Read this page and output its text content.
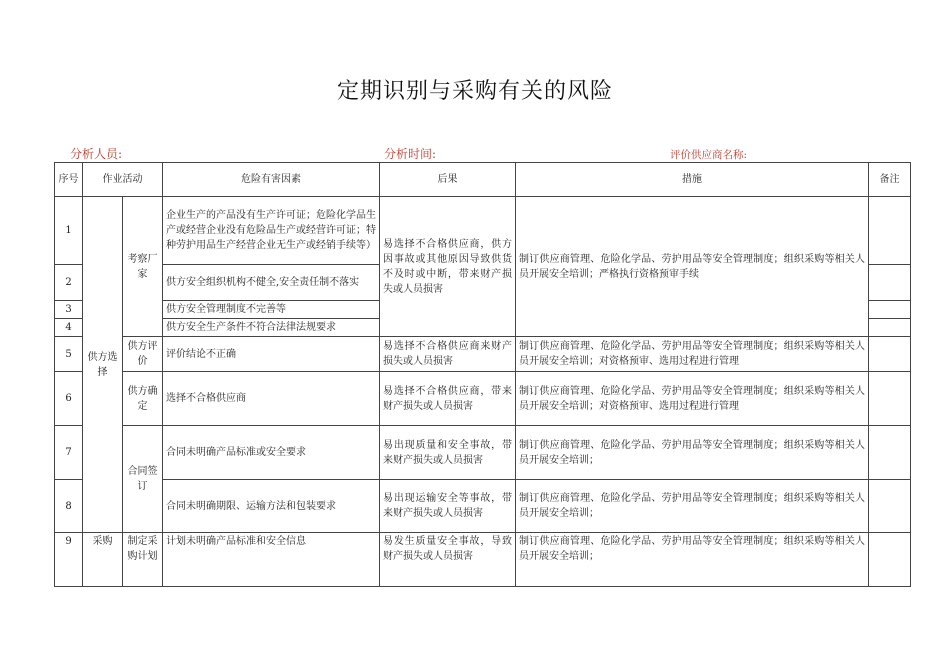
定期识别与采购有关的风险
分析人员:	分析时间:	评价供应商名称:
序号	作业活动		危险有害因素	后果	措施	备注
1	供方选择	考察厂家	企业生产的产品没有生产许可证；危险化学品生产或经营企业没有危险品生产或经营许可证；特种劳护用品生产经营企业无生产或经销手续等）	易选择不合格供应商，供方因事故或其他原因导致供货不及时或中断，带来财产损失或人员损害	制订供应商管理、危险化学品、劳护用品等安全管理制度；组织采购等相关人员开展安全培训；严格执行资格预审手续	
2			供方安全组织机构不健全,安全责任制不落实			
3			供方安全管理制度不完善等			
4			供方安全生产条件不符合法律法规要求			
5		供方评价	评价结论不正确	易选择不合格供应商来财产损失或人员损害	制订供应商管理、危险化学品、劳护用品等安全管理制度；组织采购等相关人员开展安全培训；对资格预审、选用过程进行管理	
6		供方确定	选择不合格供应商	易选择不合格供应商，带来财产损失或人员损害	制订供应商管理、危险化学品、劳护用品等安全管理制度；组织采购等相关人员开展安全培训；对资格预审、选用过程进行管理	
7		合同签订	合同未明确产品标准或安全要求	易出现质量和安全事故，带来财产损失或人员损害	制订供应商管理、危险化学品、劳护用品等安全管理制度；组织采购等相关人员开展安全培训；	
8			合同未明确期限、运输方法和包装要求	易出现运输安全等事故，带来财产损失或人员损害	制订供应商管理、危险化学品、劳护用品等安全管理制度；组织采购等相关人员开展安全培训；	
9	采购	制定采购计划	计划未明确产品标准和安全信息	易发生质量安全事故，导致财产损失或人员损害	制订供应商管理、危险化学品、劳护用品等安全管理制度；组织采购等相关人员开展安全培训；	
